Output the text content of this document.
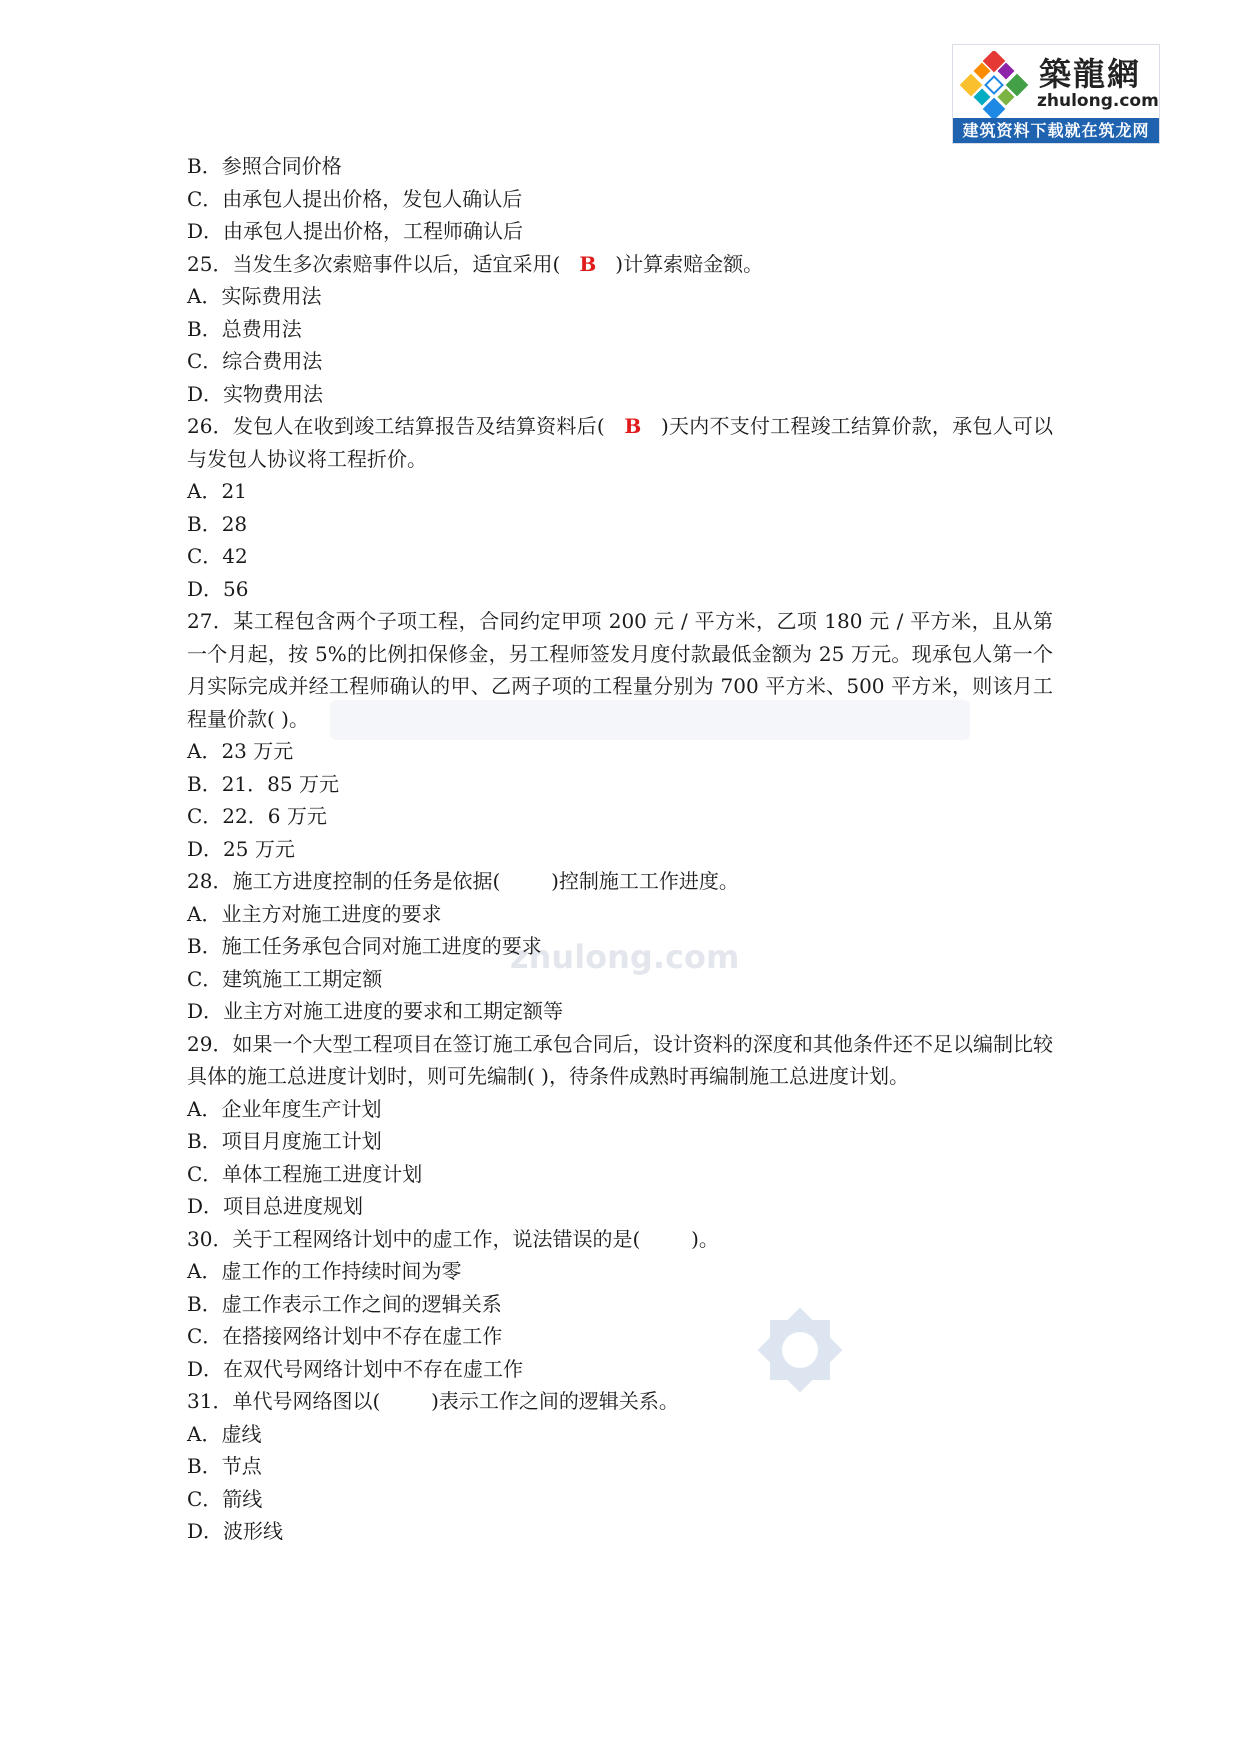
築龍網
zhulong.com
建筑资料下载就在筑龙网
zhulong.com

B．参照合同价格

C．由承包人提出价格，发包人确认后

D．由承包人提出价格，工程师确认后

25．当发生多次索赔事件以后，适宜采用(   B   )计算索赔金额。

A．实际费用法

B．总费用法

C．综合费用法

D．实物费用法

26．发包人在收到竣工结算报告及结算资料后(   B   )天内不支付工程竣工结算价款，承包人可以与发包人协议将工程折价。

A．21

B．28

C．42

D．56

27．某工程包含两个子项工程，合同约定甲项 200 元 / 平方米，乙项 180 元 / 平方米，且从第一个月起，按 5%的比例扣保修金，另工程师签发月度付款最低金额为 25 万元。现承包人第一个月实际完成并经工程师确认的甲、乙两子项的工程量分别为 700 平方米、500 平方米，则该月工程量价款( )。

A．23 万元

B．21．85 万元

C．22．6 万元

D．25 万元

28．施工方进度控制的任务是依据(        )控制施工工作进度。

A．业主方对施工进度的要求

B．施工任务承包合同对施工进度的要求

C．建筑施工工期定额

D．业主方对施工进度的要求和工期定额等

29．如果一个大型工程项目在签订施工承包合同后，设计资料的深度和其他条件还不足以编制比较具体的施工总进度计划时，则可先编制( )，待条件成熟时再编制施工总进度计划。

A．企业年度生产计划

B．项目月度施工计划

C．单体工程施工进度计划

D．项目总进度规划

30．关于工程网络计划中的虚工作，说法错误的是(        )。

A．虚工作的工作持续时间为零

B．虚工作表示工作之间的逻辑关系

C．在搭接网络计划中不存在虚工作

D．在双代号网络计划中不存在虚工作

31．单代号网络图以(        )表示工作之间的逻辑关系。

A．虚线

B．节点

C．箭线

D．波形线
